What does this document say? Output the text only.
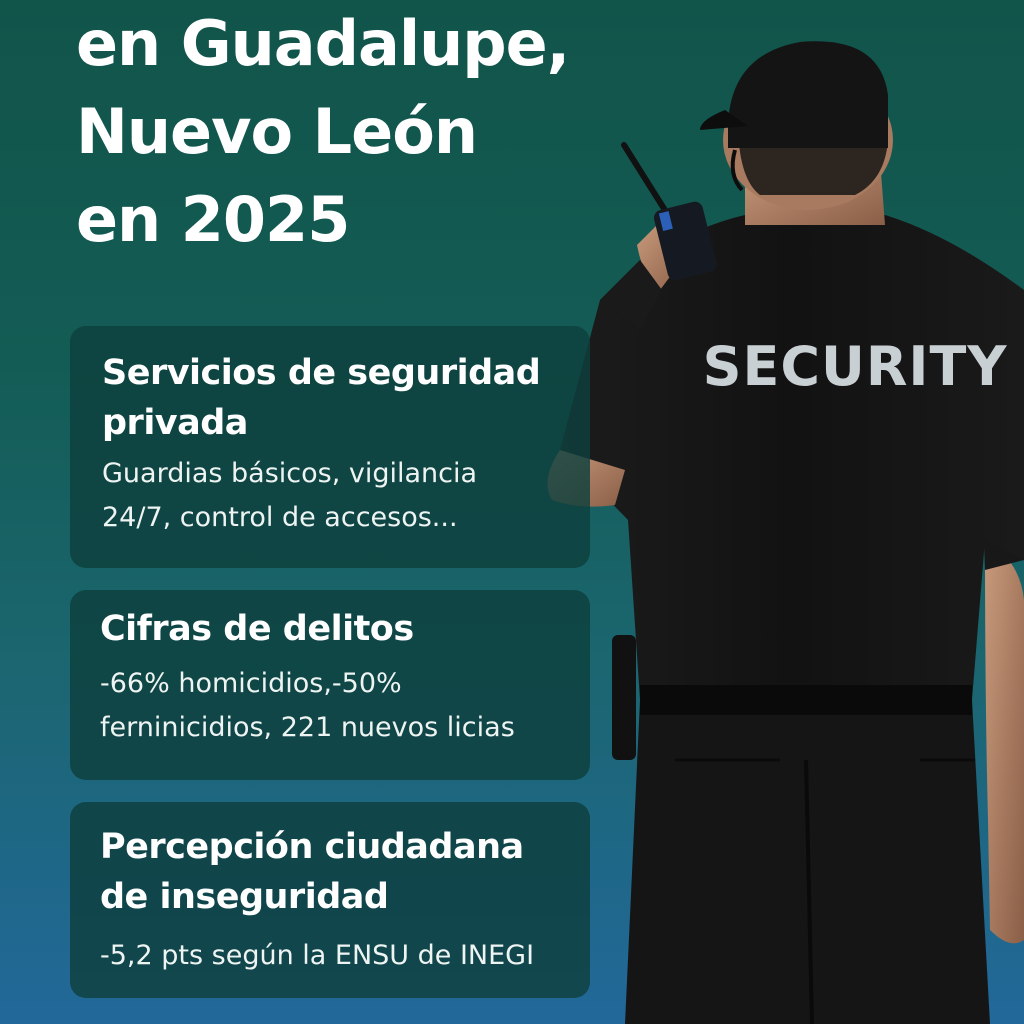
en Guadalupe,
Nuevo León
en 2025
SECURITY
Servicios de seguridad
privada

Guardias básicos, vigilancia
24/7, control de accesos...

Cifras de delitos

-66% homicidios,-50%
ferninicidios, 221 nuevos licias

Percepción ciudadana
de inseguridad

-5,2 pts según la ENSU de INEGI
